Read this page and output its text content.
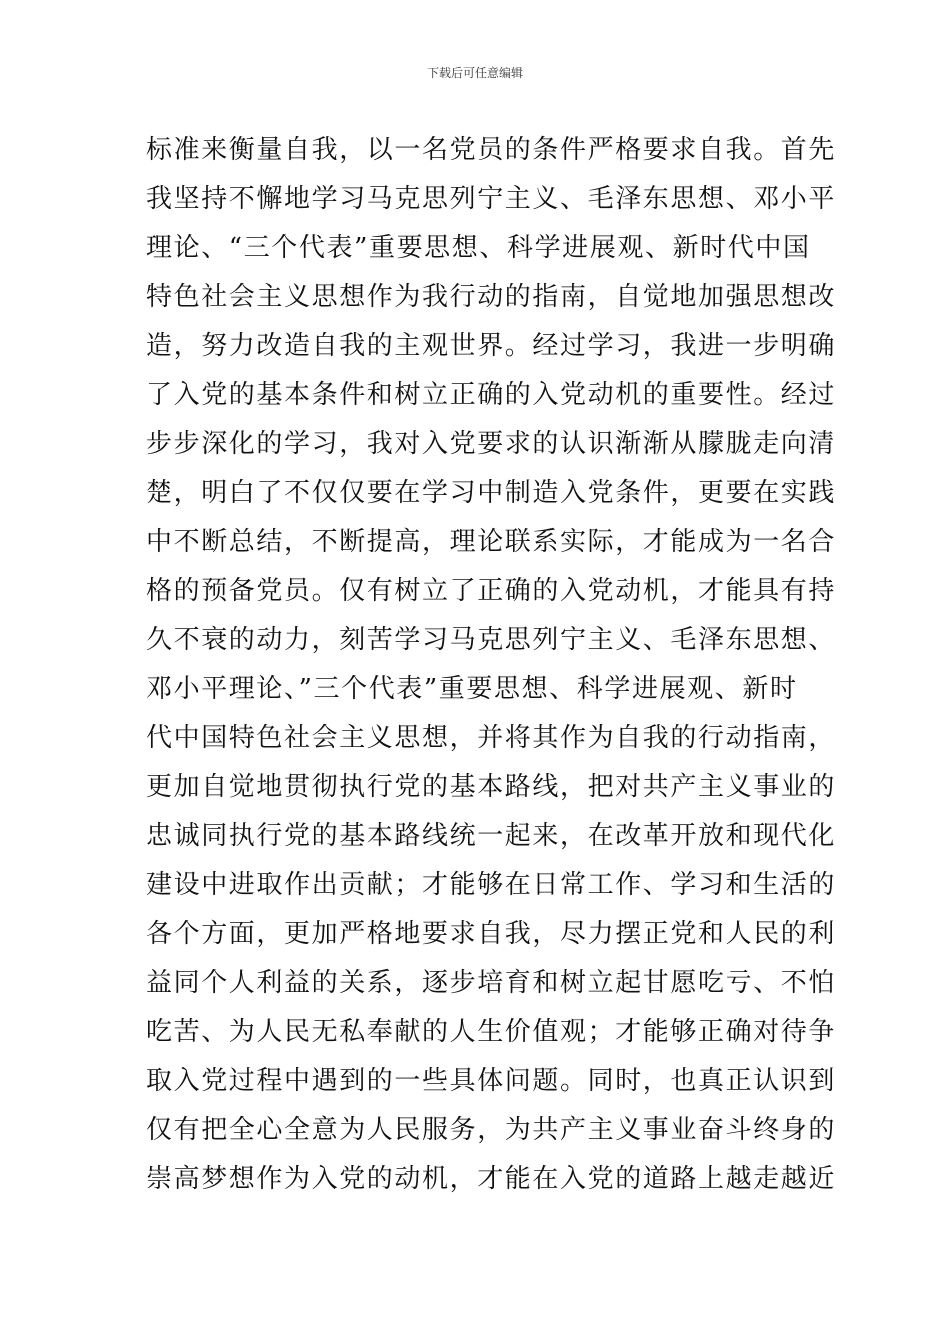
下载后可任意编辑
标准来衡量自我，以一名党员的条件严格要求自我。首先
我坚持不懈地学习马克思列宁主义、毛泽东思想、邓小平
理论、“三个代表”重要思想、科学进展观、新时代中国
特色社会主义思想作为我行动的指南，自觉地加强思想改
造，努力改造自我的主观世界。经过学习，我进一步明确
了入党的基本条件和树立正确的入党动机的重要性。经过
步步深化的学习，我对入党要求的认识渐渐从朦胧走向清
楚，明白了不仅仅要在学习中制造入党条件，更要在实践
中不断总结，不断提高，理论联系实际，才能成为一名合
格的预备党员。仅有树立了正确的入党动机，才能具有持
久不衰的动力，刻苦学习马克思列宁主义、毛泽东思想、
邓小平理论、”三个代表”重要思想、科学进展观、新时
代中国特色社会主义思想，并将其作为自我的行动指南，
更加自觉地贯彻执行党的基本路线，把对共产主义事业的
忠诚同执行党的基本路线统一起来，在改革开放和现代化
建设中进取作出贡献；才能够在日常工作、学习和生活的
各个方面，更加严格地要求自我，尽力摆正党和人民的利
益同个人利益的关系，逐步培育和树立起甘愿吃亏、不怕
吃苦、为人民无私奉献的人生价值观；才能够正确对待争
取入党过程中遇到的一些具体问题。同时，也真正认识到
仅有把全心全意为人民服务，为共产主义事业奋斗终身的
崇高梦想作为入党的动机，才能在入党的道路上越走越近
